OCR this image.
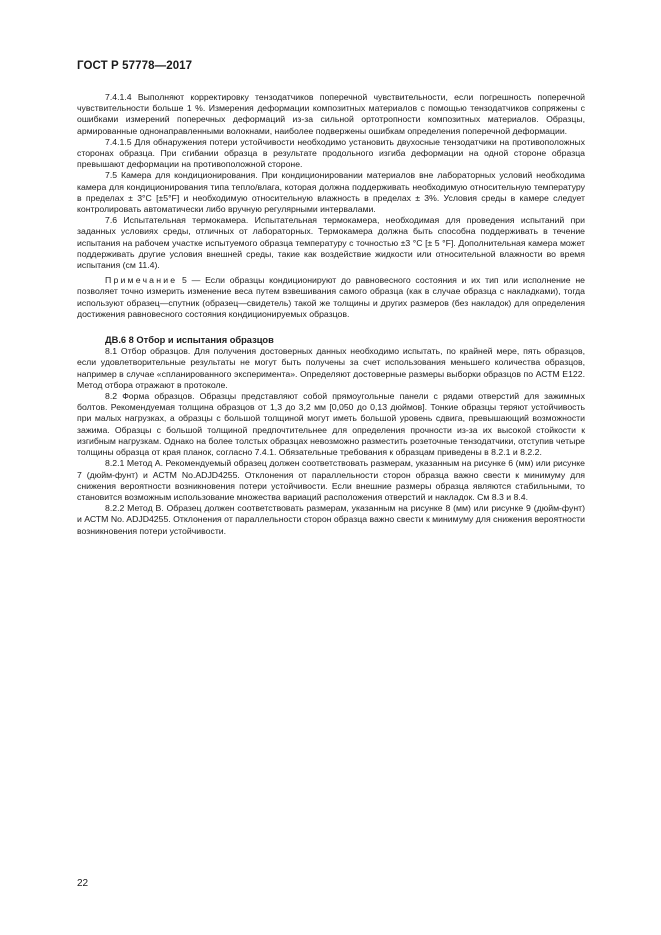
ГОСТ Р 57778—2017

7.4.1.4 Выполняют корректировку тензодатчиков поперечной чувствительности, если погрешность поперечной чувствительности больше 1 %. Измерения деформации композитных материалов с помощью тензодатчиков сопряжены с ошибками измерений поперечных деформаций из-за сильной ортотропности композитных материалов. Образцы, армированные однонаправленными волокнами, наиболее подвержены ошибкам определения поперечной деформации.

7.4.1.5 Для обнаружения потери устойчивости необходимо установить двухосные тензодатчики на противоположных сторонах образца. При сгибании образца в результате продольного изгиба деформации на одной стороне образца превышают деформации на противоположной стороне.

7.5 Камера для кондиционирования. При кондиционировании материалов вне лабораторных условий необходима камера для кондиционирования типа тепло/влага, которая должна поддерживать необходимую относительную температуру в пределах ± 3°C [±5°F] и необходимую относительную влажность в пределах ± 3%. Условия среды в камере следует контролировать автоматически либо вручную регулярными интервалами.

7.6 Испытательная термокамера. Испытательная термокамера, необходимая для проведения испытаний при заданных условиях среды, отличных от лабораторных. Термокамера должна быть способна поддерживать в течение испытания на рабочем участке испытуемого образца температуру с точностью ±3 °C [± 5 °F]. Дополнительная камера может поддерживать другие условия внешней среды, такие как воздействие жидкости или относительной влажности во время испытания (см 11.4).

Примечание 5 — Если образцы кондиционируют до равновесного состояния и их тип или исполнение не позволяет точно измерить изменение веса путем взвешивания самого образца (как в случае образца с накладками), тогда используют образец—спутник (образец—свидетель) такой же толщины и других размеров (без накладок) для определения достижения равновесного состояния кондиционируемых образцов.

ДВ.6 8 Отбор и испытания образцов

8.1 Отбор образцов. Для получения достоверных данных необходимо испытать, по крайней мере, пять образцов, если удовлетворительные результаты не могут быть получены за счет использования меньшего количества образцов, например в случае «спланированного эксперимента». Определяют достоверные размеры выборки образцов по АСТМ Е122. Метод отбора отражают в протоколе.

8.2 Форма образцов. Образцы представляют собой прямоугольные панели с рядами отверстий для зажимных болтов. Рекомендуемая толщина образцов от 1,3 до 3,2 мм [0,050 до 0,13 дюймов]. Тонкие образцы теряют устойчивость при малых нагрузках, а образцы с большой толщиной могут иметь большой уровень сдвига, превышающий возможности зажима. Образцы с большой толщиной предпочтительнее для определения прочности из-за их высокой стойкости к изгибным нагрузкам. Однако на более толстых образцах невозможно разместить розеточные тензодатчики, отступив четыре толщины образца от края планок, согласно 7.4.1. Обязательные требования к образцам приведены в 8.2.1 и 8.2.2.

8.2.1 Метод А. Рекомендуемый образец должен соответствовать размерам, указанным на рисунке 6 (мм) или рисунке 7 (дюйм-фунт) и АСТМ No.ADJD4255. Отклонения от параллельности сторон образца важно свести к минимуму для снижения вероятности возникновения потери устойчивости. Если внешние размеры образца являются стабильными, то становится возможным использование множества вариаций расположения отверстий и накладок. См 8.3 и 8.4.

8.2.2 Метод В. Образец должен соответствовать размерам, указанным на рисунке 8 (мм) или рисунке 9 (дюйм-фунт) и АСТМ No. ADJD4255. Отклонения от параллельности сторон образца важно свести к минимуму для снижения вероятности возникновения потери устойчивости.

22
